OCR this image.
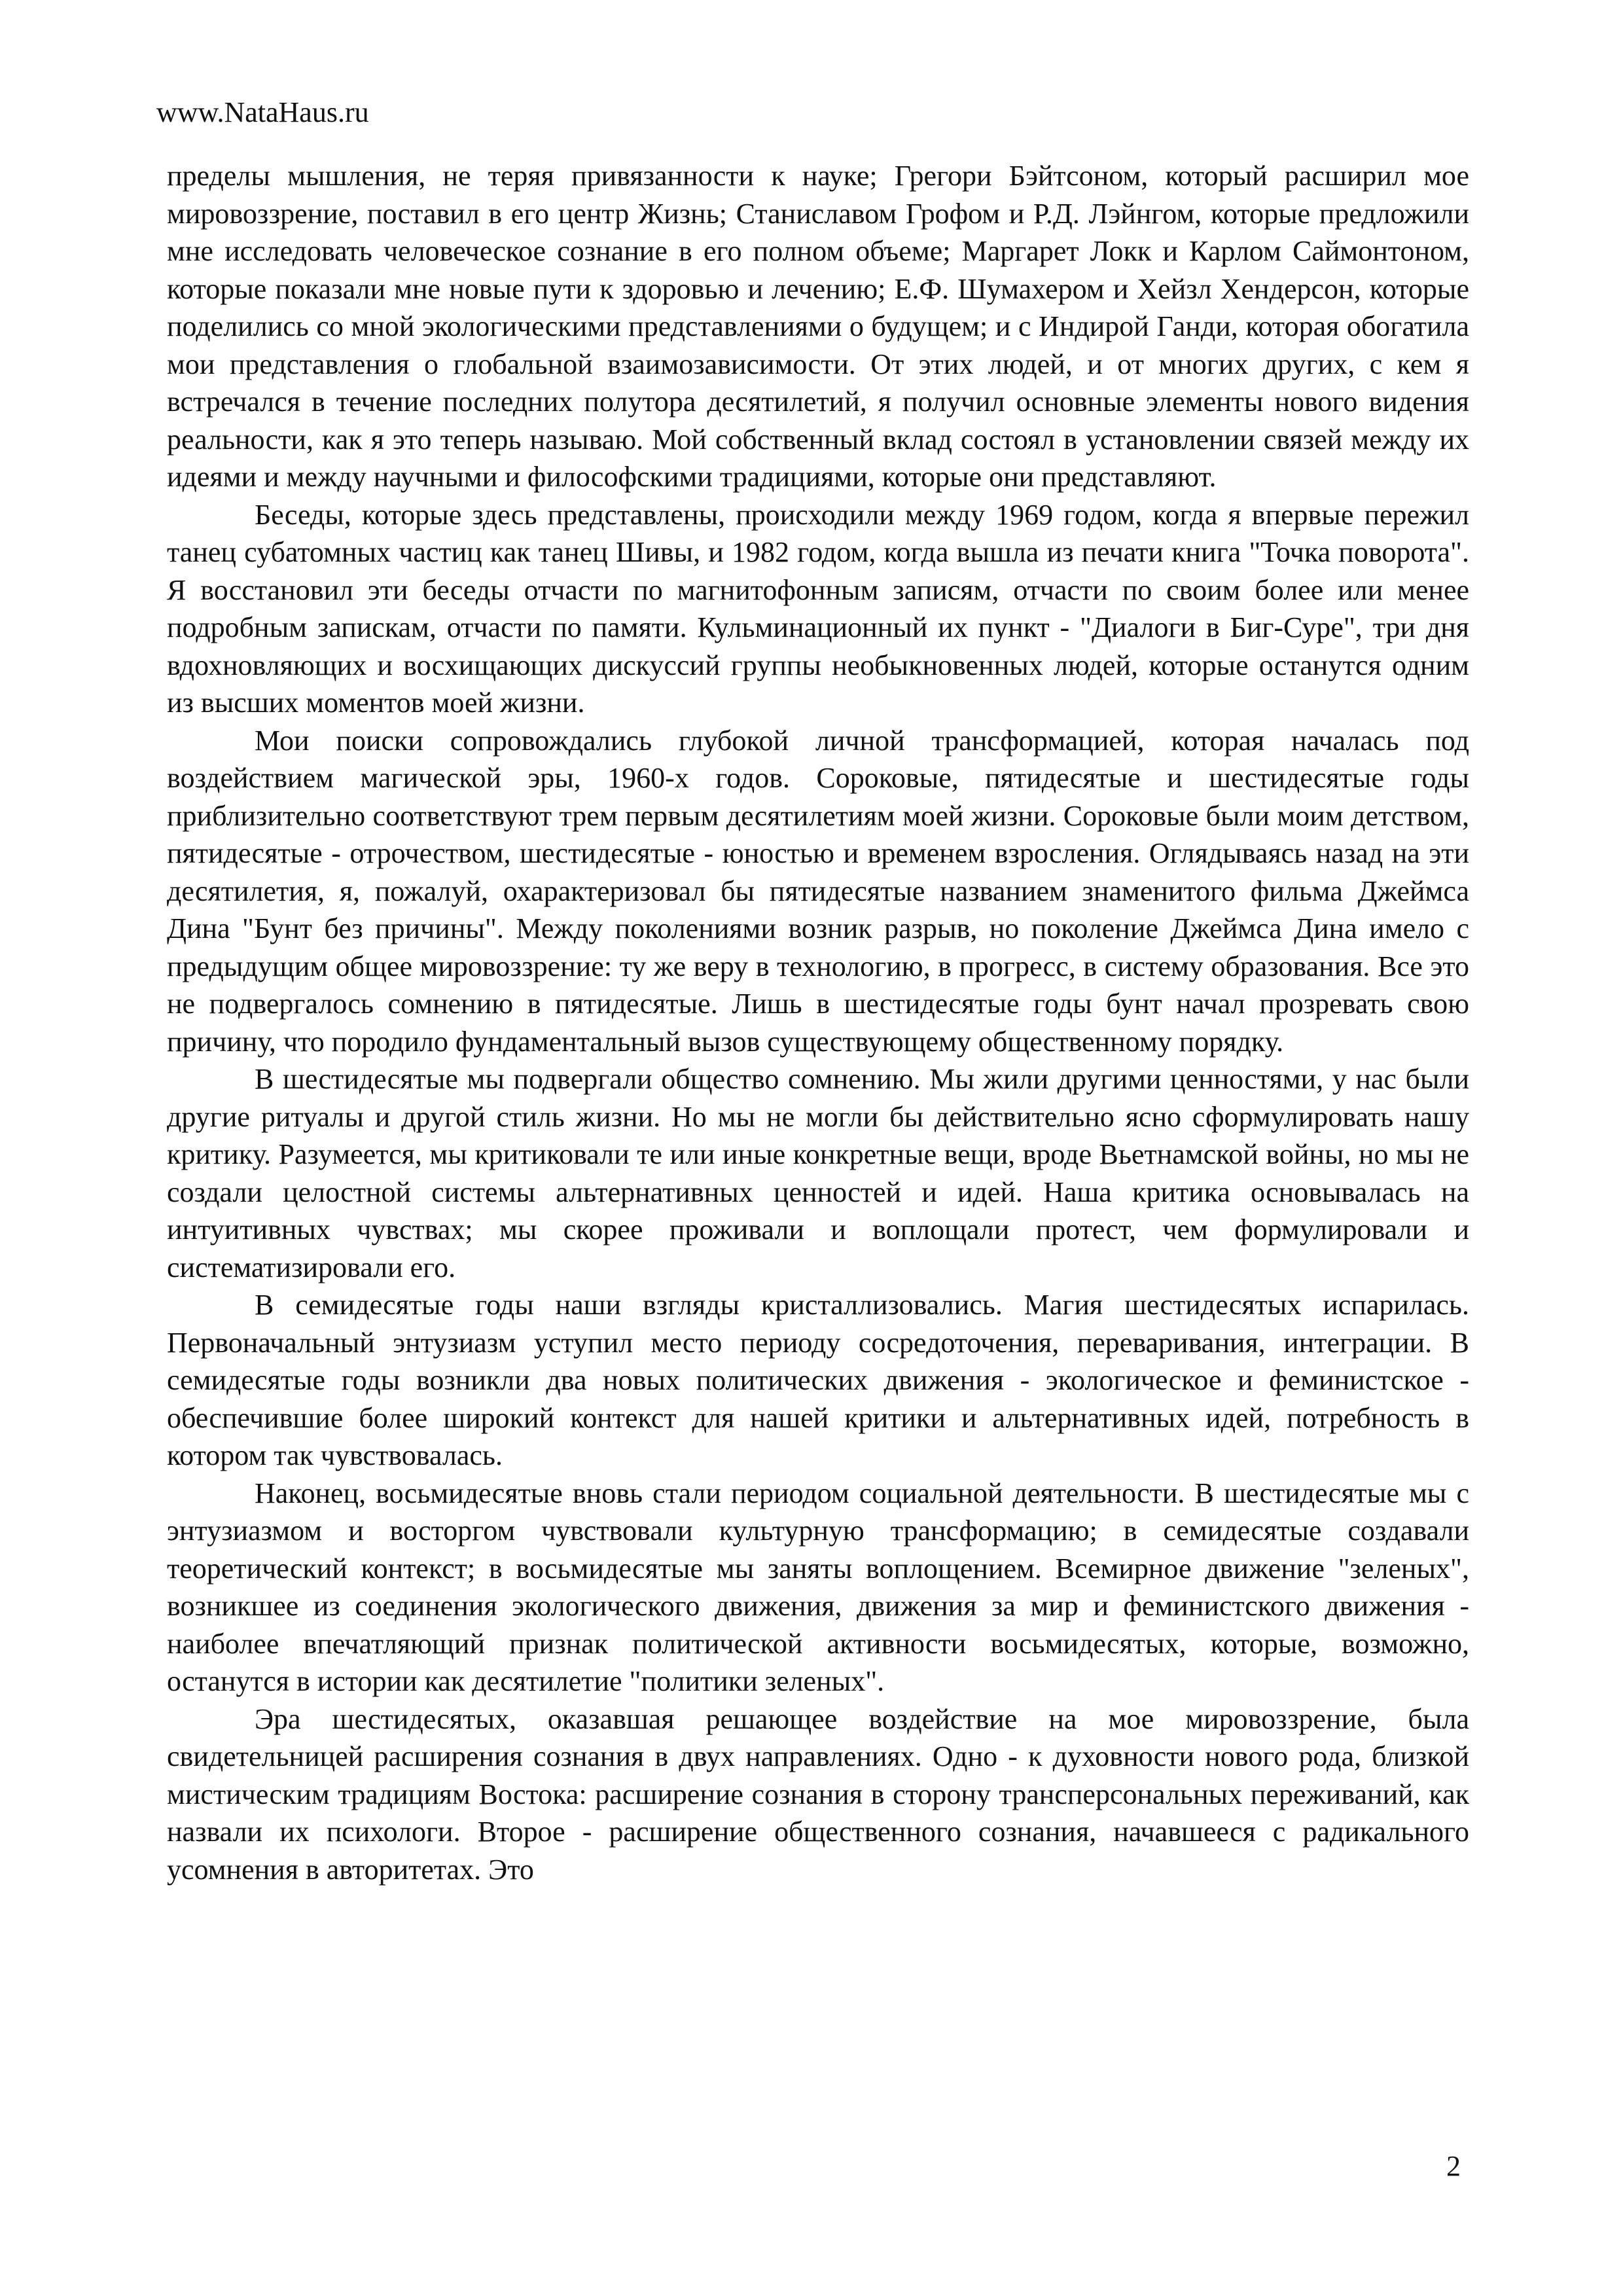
www.NataHaus.ru

пределы мышления, не теряя привязанности к науке; Грегори Бэйтсоном, который расширил мое мировоззрение, поставил в его центр Жизнь; Станиславом Грофом и Р.Д. Лэйнгом, которые предложили мне исследовать человеческое сознание в его полном объеме; Маргарет Локк и Карлом Саймонтоном, которые показали мне новые пути к здоровью и лечению; Е.Ф. Шумахером и Хейзл Хендерсон, которые поделились со мной экологическими представлениями о будущем; и с Индирой Ганди, которая обогатила мои представления о глобальной взаимозависимости. От этих людей, и от многих других, с кем я встречался в течение последних полутора десятилетий, я получил основные элементы нового видения реальности, как я это теперь называю. Мой собственный вклад состоял в установлении связей между их идеями и между научными и философскими традициями, которые они представляют.

Беседы, которые здесь представлены, происходили между 1969 годом, когда я впервые пережил танец субатомных частиц как танец Шивы, и 1982 годом, когда вышла из печати книга "Точка поворота". Я восстановил эти беседы отчасти по магнитофонным записям, отчасти по своим более или менее подробным запискам, отчасти по памяти. Кульминационный их пункт - "Диалоги в Биг-Суре", три дня вдохновляющих и восхищающих дискуссий группы необыкновенных людей, которые останутся одним из высших моментов моей жизни.

Мои поиски сопровождались глубокой личной трансформацией, которая началась под воздействием магической эры, 1960-х годов. Сороковые, пятидесятые и шестидесятые годы приблизительно соответствуют трем первым десятилетиям моей жизни. Сороковые были моим детством, пятидесятые - отрочеством, шестидесятые - юностью и временем взросления. Оглядываясь назад на эти десятилетия, я, пожалуй, охарактеризовал бы пятидесятые названием знаменитого фильма Джеймса Дина "Бунт без причины". Между поколениями возник разрыв, но поколение Джеймса Дина имело с предыдущим общее мировоззрение: ту же веру в технологию, в прогресс, в систему образования. Все это не подвергалось сомнению в пятидесятые. Лишь в шестидесятые годы бунт начал прозревать свою причину, что породило фундаментальный вызов существующему общественному порядку.

В шестидесятые мы подвергали общество сомнению. Мы жили другими ценностями, у нас были другие ритуалы и другой стиль жизни. Но мы не могли бы действительно ясно сформулировать нашу критику. Разумеется, мы критиковали те или иные конкретные вещи, вроде Вьетнамской войны, но мы не создали целостной системы альтернативных ценностей и идей. Наша критика основывалась на интуитивных чувствах; мы скорее проживали и воплощали протест, чем формулировали и систематизировали его.

В семидесятые годы наши взгляды кристаллизовались. Магия шестидесятых испарилась. Первоначальный энтузиазм уступил место периоду сосредоточения, переваривания, интеграции. В семидесятые годы возникли два новых политических движения - экологическое и феминистское - обеспечившие более широкий контекст для нашей критики и альтернативных идей, потребность в котором так чувствовалась.

Наконец, восьмидесятые вновь стали периодом социальной деятельности. В шестидесятые мы с энтузиазмом и восторгом чувствовали культурную трансформацию; в семидесятые создавали теоретический контекст; в восьмидесятые мы заняты воплощением. Всемирное движение "зеленых", возникшее из соединения экологического движения, движения за мир и феминистского движения - наиболее впечатляющий признак политической активности восьмидесятых, которые, возможно, останутся в истории как десятилетие "политики зеленых".

Эра шестидесятых, оказавшая решающее воздействие на мое мировоззрение, была свидетельницей расширения сознания в двух направлениях. Одно - к духовности нового рода, близкой мистическим традициям Востока: расширение сознания в сторону трансперсональных переживаний, как назвали их психологи. Второе - расширение общественного сознания, начавшееся с радикального усомнения в авторитетах. Это

2
